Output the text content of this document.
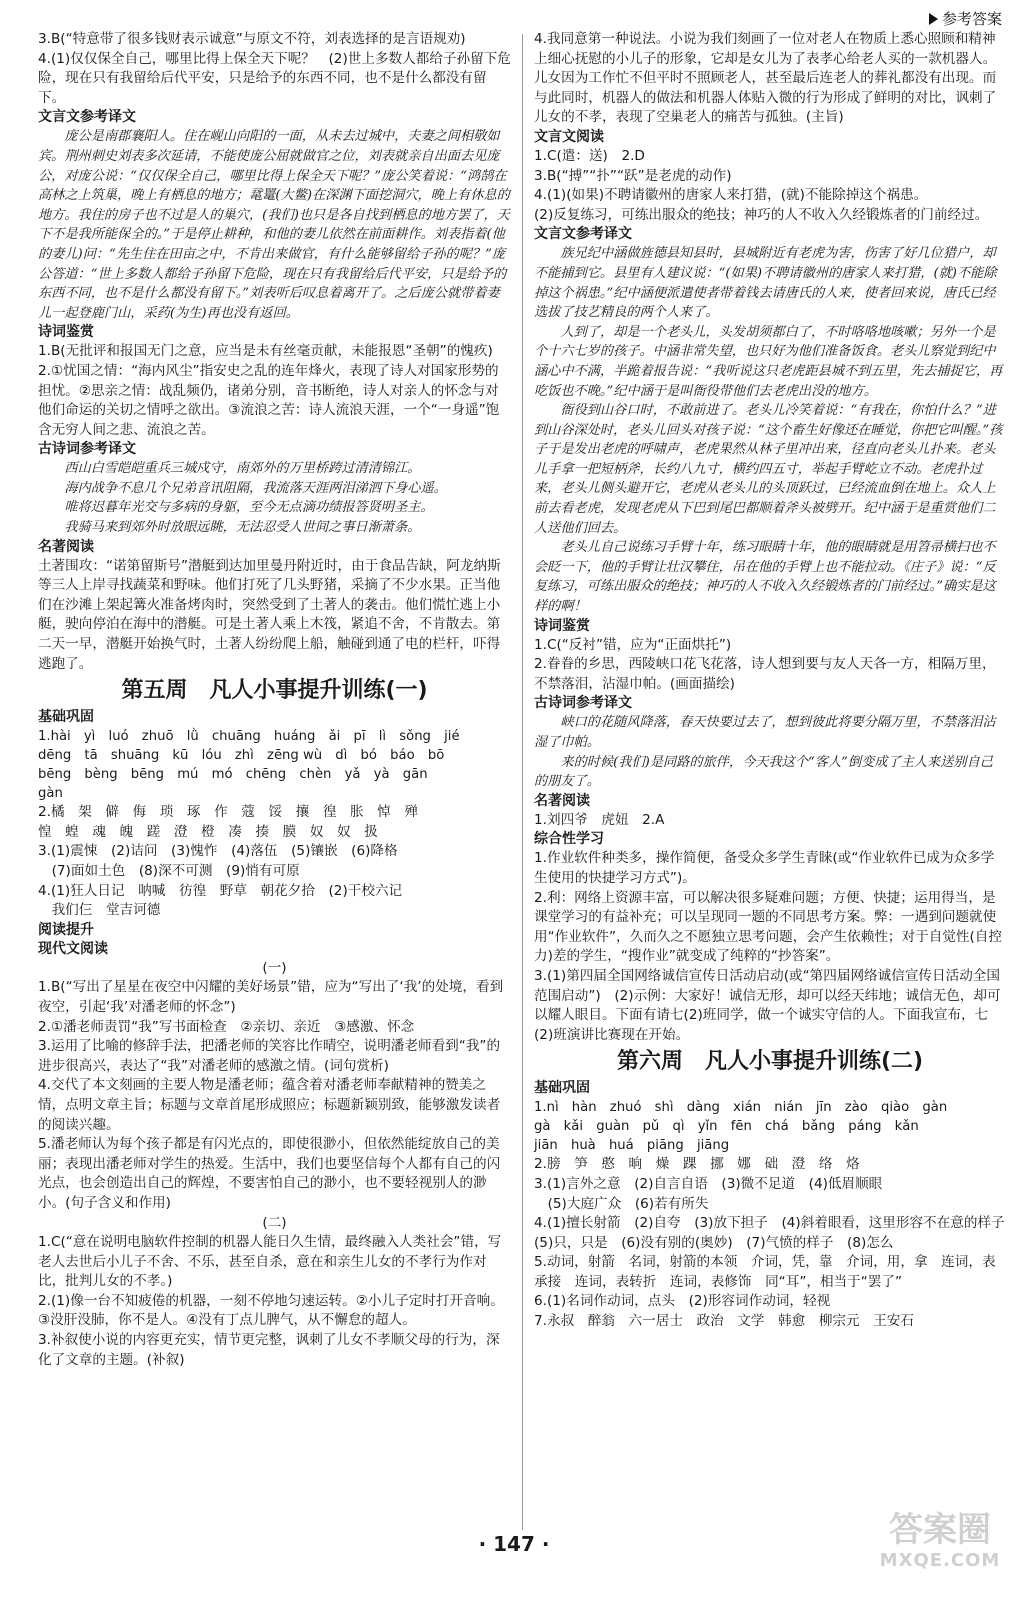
参考答案

3.B(“特意带了很多钱财表示诚意”与原文不符，刘表选择的是言语规劝)

4.(1)仅仅保全自己，哪里比得上保全天下呢？　(2)世上多数人都给子孙留下危险，现在只有我留给后代平安，只是给予的东西不同，也不是什么都没有留下。

文言文参考译文

庞公是南郡襄阳人。住在岘山向阳的一面，从未去过城中，夫妻之间相敬如宾。荆州刺史刘表多次延请，不能使庞公屈就做官之位，刘表就亲自出面去见庞公，对庞公说：“仅仅保全自己，哪里比得上保全天下呢？”庞公笑着说：“鸿鹄在高林之上筑巢，晚上有栖息的地方；鼋鼍(大鳖)在深渊下面挖洞穴，晚上有休息的地方。我住的房子也不过是人的巢穴，(我们)也只是各自找到栖息的地方罢了，天下不是我所能保全的。”于是停止耕种，和他的妻儿依然在前面耕作。刘表指着(他的妻儿)问：“先生住在田亩之中，不肯出来做官，有什么能够留给子孙的呢？”庞公答道：“世上多数人都给子孙留下危险，现在只有我留给后代平安，只是给予的东西不同，也不是什么都没有留下。”刘表听后叹息着离开了。之后庞公就带着妻儿一起登鹿门山，采药(为生)再也没有返回。

诗词鉴赏

1.B(无批评和报国无门之意，应当是未有丝毫贡献，未能报恩“圣朝”的愧疚)

2.①忧国之情：“海内风尘”指安史之乱的连年烽火，表现了诗人对国家形势的担忧。②思亲之情：战乱频仍，诸弟分别，音书断绝，诗人对亲人的怀念与对他们命运的关切之情呼之欲出。③流浪之苦：诗人流浪天涯，一个“一身遥”饱含无穷人间之悲、流浪之苦。

古诗词参考译文

西山白雪皑皑重兵三城戍守，南郊外的万里桥跨过清清锦江。

海内战争不息几个兄弟音讯阻隔，我流落天涯两泪涕泗下身心遥。

唯将迟暮年光交与多病的身躯，至今无点滴功绩报答贤明圣主。

我骑马来到郊外时放眼远眺，无法忍受人世间之事日渐萧条。

名著阅读

土著围攻：“诺第留斯号”潜艇到达加里曼丹附近时，由于食品告缺，阿龙纳斯等三人上岸寻找蔬菜和野味。他们打死了几头野猪，采摘了不少水果。正当他们在沙滩上架起篝火准备烤肉时，突然受到了土著人的袭击。他们慌忙逃上小艇，驶向停泊在海中的潜艇。可是土著人乘上木筏，紧追不舍，不肯散去。第二天一早，潜艇开始换气时，土著人纷纷爬上船，触碰到通了电的栏杆，吓得逃跑了。

第五周　凡人小事提升训练(一)

基础巩固

1.hài　yì　luó　zhuō　lǜ　chuāng　huáng　ǎi　pī　lì　sǒng　jié

dēng　tā　shuāng　kū　lóu　zhì　zēng wù　dì　bó　báo　bō

bēng　bèng　bēng　mú　mó　chēng　chèn　yǎ　yà　gān

gàn

2.橘　架　僻　侮　琐　琢　作　蔻　馁　攘　徨　胀　悼　殚

惶　蝗　魂　魄　蹉　澄　橙　凑　揍　膜　奴　奴　扱

3.(1)震悚　(2)诘问　(3)愧怍　(4)落伍　(5)镶嵌　(6)降格

　(7)面如土色　(8)深不可测　(9)悄有可原

4.(1)狂人日记　呐喊　彷徨　野草　朝花夕拾　(2)干校六记

　我们仨　堂吉诃德

阅读提升

现代文阅读

(一)

1.B(“写出了星星在夜空中闪耀的美好场景”错，应为“写出了‘我’的处境，看到夜空，引起‘我’对潘老师的怀念”)

2.①潘老师责罚“我”写书面检查　②亲切、亲近　③感激、怀念

3.运用了比喻的修辞手法，把潘老师的笑容比作晴空，说明潘老师看到“我”的进步很高兴，表达了“我”对潘老师的感激之情。(词句赏析)

4.交代了本文刻画的主要人物是潘老师；蕴含着对潘老师奉献精神的赞美之情，点明文章主旨；标题与文章首尾形成照应；标题新颖别致，能够激发读者的阅读兴趣。

5.潘老师认为每个孩子都是有闪光点的，即使很渺小，但依然能绽放自己的美丽；表现出潘老师对学生的热爱。生活中，我们也要坚信每个人都有自己的闪光点，也会创造出自己的辉煌，不要害怕自己的渺小，也不要轻视别人的渺小。(句子含义和作用)

(二)

1.C(“意在说明电脑软件控制的机器人能日久生情，最终融入人类社会”错，写老人去世后小儿子不舍、不乐，甚至自杀，意在和亲生儿女的不孝行为作对比，批判儿女的不孝。)

2.(1)像一台不知疲倦的机器，一刻不停地匀速运转。②小儿子定时打开音响。③没肝没肺，你不是人。④没有丁点儿脾气，从不懈怠的超人。

3.补叙使小说的内容更充实，情节更完整，讽刺了儿女不孝顺父母的行为，深化了文章的主题。(补叙)

4.我同意第一种说法。小说为我们刻画了一位对老人在物质上悉心照顾和精神上细心抚慰的小儿子的形象，它却是女儿为了表孝心给老人买的一款机器人。儿女因为工作忙不但平时不照顾老人，甚至最后连老人的葬礼都没有出现。而与此同时，机器人的做法和机器人体贴入微的行为形成了鲜明的对比，讽刺了儿女的不孝，表现了空巢老人的痛苦与孤独。(主旨)

文言文阅读

1.C(遣：送)　2.D

3.B(“搏”“扑”“跃”是老虎的动作)

4.(1)(如果)不聘请徽州的唐家人来打猎，(就)不能除掉这个祸患。

(2)反复练习，可练出服众的绝技；神巧的人不收入久经锻炼者的门前经过。

文言文参考译文

族兄纪中涵做旌德县知县时，县城附近有老虎为害，伤害了好几位猎户，却不能捕到它。县里有人建议说：“(如果)不聘请徽州的唐家人来打猎，(就)不能除掉这个祸患。”纪中涵便派遣使者带着钱去请唐氏的人来，使者回来说，唐氏已经选拔了技艺精良的两个人来了。

人到了，却是一个老头儿，头发胡须都白了，不时咯咯地咳嗽；另外一个是个十六七岁的孩子。中涵非常失望，也只好为他们准备饭食。老头儿察觉到纪中涵心中不满，半跪着报告说：“我听说这只老虎距县城不到五里，先去捕捉它，再吃饭也不晚。”纪中涵于是叫衙役带他们去老虎出没的地方。

衙役到山谷口时，不敢前进了。老头儿冷笑着说：“有我在，你怕什么？”进到山谷深处时，老头儿回头对孩子说：“这个畜生好像还在睡觉，你把它叫醒。”孩子于是发出老虎的呼啸声，老虎果然从林子里冲出来，径直向老头儿扑来。老头儿手拿一把短柄斧，长约八九寸，横约四五寸，举起手臂屹立不动。老虎扑过来，老头儿侧头避开它，老虎从老头儿的头顶跃过，已经流血倒在地上。众人上前去看老虎，发现老虎从下巴到尾巴都顺着斧头被劈开。纪中涵于是重赏他们二人送他们回去。

老头儿自己说练习手臂十年，练习眼睛十年，他的眼睛就是用笤帚横扫也不会眨一下，他的手臂让壮汉攀住，吊在他的手臂上也不能拉动。《庄子》说：“反复练习，可练出服众的绝技；神巧的人不收入久经锻炼者的门前经过。”确实是这样的啊！

诗词鉴赏

1.C(“反衬”错，应为“正面烘托”)

2.眷眷的乡思，西陵峡口花飞花落，诗人想到要与友人天各一方，相隔万里，不禁落泪，沾湿巾帕。(画面描绘)

古诗词参考译文

峡口的花随风降落，春天快要过去了，想到彼此将要分隔万里，不禁落泪沾湿了巾帕。

来的时候(我们)是同路的旅伴，今天我这个“客人”倒变成了主人来送别自己的朋友了。

名著阅读

1.刘四爷　虎妞　2.A

综合性学习

1.作业软件种类多，操作简便，备受众多学生青睐(或“作业软件已成为众多学生使用的快捷学习方式”)。

2.利：网络上资源丰富，可以解决很多疑难问题；方便、快捷；运用得当，是课堂学习的有益补充；可以呈现同一题的不同思考方案。弊：一遇到问题就使用“作业软件”，久而久之不愿独立思考问题，会产生依赖性；对于自觉性(自控力)差的学生，“搜作业”就变成了纯粹的“抄答案”。

3.(1)第四届全国网络诚信宣传日活动启动(或“第四届网络诚信宣传日活动全国范围启动”)　(2)示例：大家好！诚信无形，却可以经天纬地；诚信无色，却可以耀人眼目。下面有请七(2)班同学，做一个诚实守信的人。下面我宣布，七(2)班演讲比赛现在开始。

第六周　凡人小事提升训练(二)

基础巩固

1.nì　hàn　zhuó　shì　dàng　xián　nián　jīn　zào　qiào　gàn

gà　kǎi　guàn　pǔ　qì　yǐn　fēn　chá　bǎng　páng　kǎn

jiān　huà　huá　piāng　jiāng

2.膀　笋　憨　晌　燥　踝　挪　娜　础　澄　络　烙

3.(1)言外之意　(2)自言自语　(3)微不足道　(4)低眉顺眼

　(5)大庭广众　(6)若有所失

4.(1)擅长射箭　(2)自夸　(3)放下担子　(4)斜着眼看，这里形容不在意的样子　(5)只，只是　(6)没有别的(奥妙)　(7)气愤的样子　(8)怎么

5.动词，射箭　名词，射箭的本领　介词，凭，靠　介词，用，拿　连词，表承接　连词，表转折　连词，表修饰　同“耳”，相当于“罢了”

6.(1)名词作动词，点头　(2)形容词作动词，轻视

7.永叔　醉翁　六一居士　政治　文学　韩愈　柳宗元　王安石

· 147 ·	答案圈
MXQE.COM
